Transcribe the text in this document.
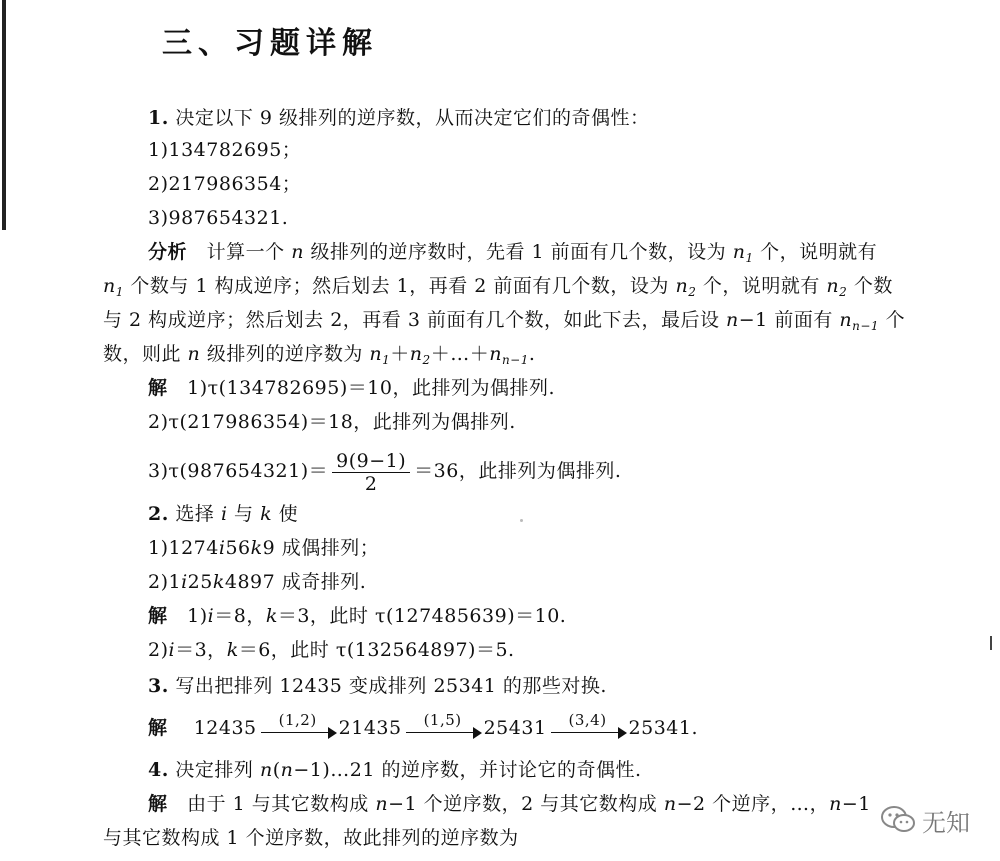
三、习题详解
1. 决定以下 9 级排列的逆序数，从而决定它们的奇偶性：
1)134782695；
2)217986354；
3)987654321.
分析 计算一个 n 级排列的逆序数时，先看 1 前面有几个数，设为 $n_1$ 个，说明就有
$n_1$ 个数与 1 构成逆序；然后划去 1，再看 2 前面有几个数，设为 $n_2$ 个，说明就有 $n_2$ 个数
与 2 构成逆序；然后划去 2，再看 3 前面有几个数，如此下去，最后设 n−1 前面有 $n_{n-1}$ 个
数，则此 n 级排列的逆序数为 $n_1+n_2+\dots+n_{n-1}$.
解 1)τ(134782695)＝10，此排列为偶排列.
2)τ(217986354)＝18，此排列为偶排列.
$3)\tau(987654321)= \frac{9(9-1)}{2} =36$，此排列为偶排列.
2. 选择 i 与 k 使
1)1274i56k9 成偶排列；
2)1i25k4897 成奇排列.
解 1)i＝8，k＝3，此时 τ(127485639)＝10.
2)i＝3，k＝6，此时 τ(132564897)＝5.
3. 写出把排列 12435 变成排列 25341 的那些对换.
解 12435	(1,2)	21435	(1,5)	25431	(3,4)	25341.
4. 决定排列 n(n−1)…21 的逆序数，并讨论它的奇偶性.
解 由于 1 与其它数构成 n−1 个逆序数，2 与其它数构成 n−2 个逆序，…，n−1
与其它数构成 1 个逆序数，故此排列的逆序数为
无知
